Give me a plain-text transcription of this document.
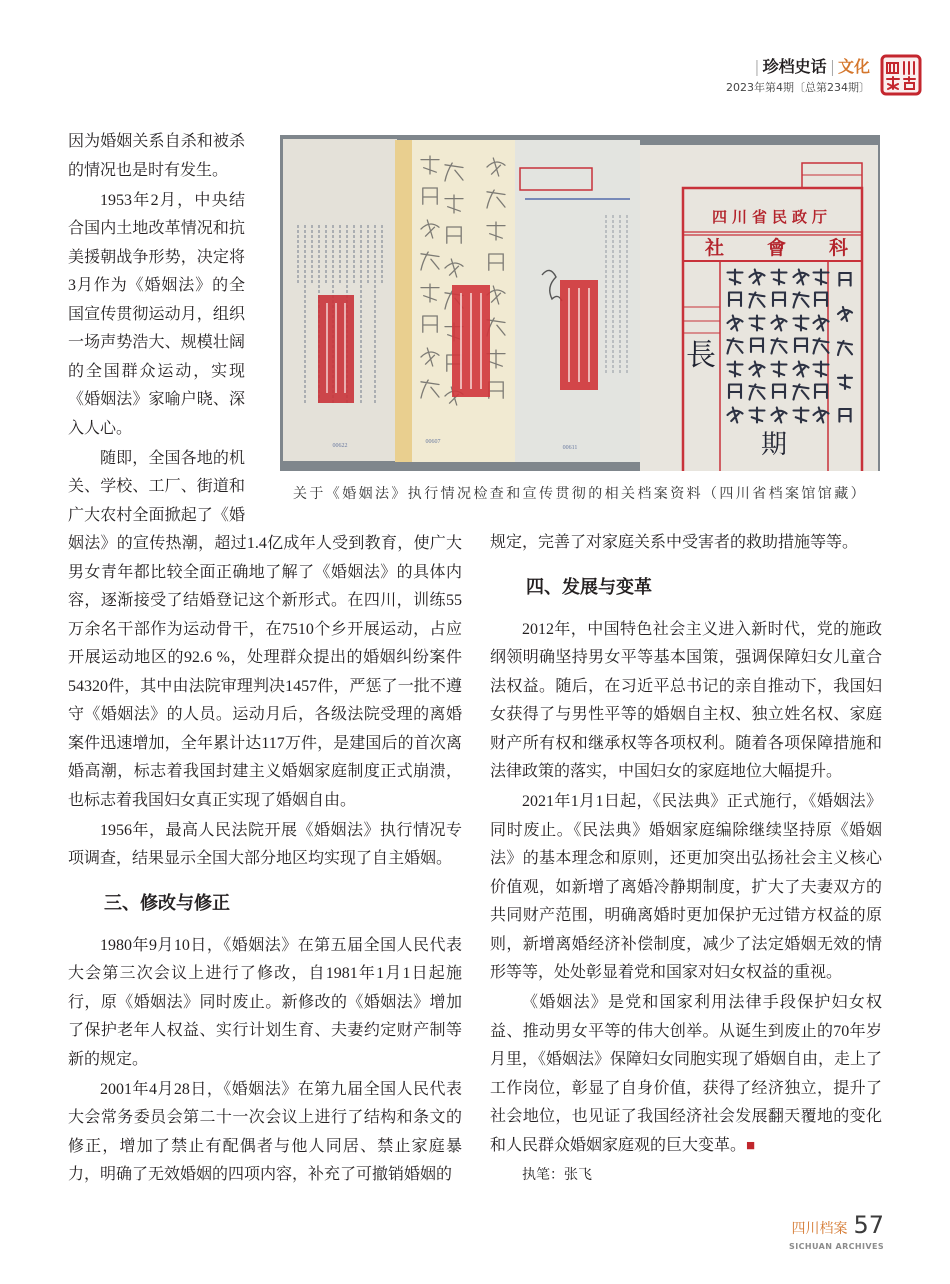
| 珍档史话 | 文化
2023年第4期〔总第234期〕
00622
00607
00611
四川省民政厅
社會科
長
期
关于《婚姻法》执行情况检查和宣传贯彻的相关档案资料（四川省档案馆馆藏）

因为婚姻关系自杀和被杀的情况也是时有发生。

1953年2月，中央结合国内土地改革情况和抗美援朝战争形势，决定将3月作为《婚姻法》的全国宣传贯彻运动月，组织一场声势浩大、规模壮阔的全国群众运动，实现《婚姻法》家喻户晓、深入人心。

随即，全国各地的机关、学校、工厂、街道和广大农村全面掀起了《婚姻法》的宣传热潮，超过1.4亿成年人受到教育，使广大男女青年都比较全面正确地了解了《婚姻法》的具体内容，逐渐接受了结婚登记这个新形式。在四川，训练55万余名干部作为运动骨干，在7510个乡开展运动，占应开展运动地区的92.6 %，处理群众提出的婚姻纠纷案件54320件，其中由法院审理判决1457件，严惩了一批不遵守《婚姻法》的人员。运动月后，各级法院受理的离婚案件迅速增加，全年累计达117万件，是建国后的首次离婚高潮，标志着我国封建主义婚姻家庭制度正式崩溃，也标志着我国妇女真正实现了婚姻自由。

1956年，最高人民法院开展《婚姻法》执行情况专项调查，结果显示全国大部分地区均实现了自主婚姻。

三、修改与修正

1980年9月10日，《婚姻法》在第五届全国人民代表大会第三次会议上进行了修改，自1981年1月1日起施行，原《婚姻法》同时废止。新修改的《婚姻法》增加了保护老年人权益、实行计划生育、夫妻约定财产制等新的规定。

2001年4月28日，《婚姻法》在第九届全国人民代表大会常务委员会第二十一次会议上进行了结构和条文的修正，增加了禁止有配偶者与他人同居、禁止家庭暴力，明确了无效婚姻的四项内容，补充了可撤销婚姻的

规定，完善了对家庭关系中受害者的救助措施等等。

四、发展与变革

2012年，中国特色社会主义进入新时代，党的施政纲领明确坚持男女平等基本国策，强调保障妇女儿童合法权益。随后，在习近平总书记的亲自推动下，我国妇女获得了与男性平等的婚姻自主权、独立姓名权、家庭财产所有权和继承权等各项权利。随着各项保障措施和法律政策的落实，中国妇女的家庭地位大幅提升。

2021年1月1日起，《民法典》正式施行，《婚姻法》同时废止。《民法典》婚姻家庭编除继续坚持原《婚姻法》的基本理念和原则，还更加突出弘扬社会主义核心价值观，如新增了离婚冷静期制度，扩大了夫妻双方的共同财产范围，明确离婚时更加保护无过错方权益的原则，新增离婚经济补偿制度，减少了法定婚姻无效的情形等等，处处彰显着党和国家对妇女权益的重视。

《婚姻法》是党和国家利用法律手段保护妇女权益、推动男女平等的伟大创举。从诞生到废止的70年岁月里，《婚姻法》保障妇女同胞实现了婚姻自由，走上了工作岗位，彰显了自身价值，获得了经济独立，提升了社会地位，也见证了我国经济社会发展翻天覆地的变化和人民群众婚姻家庭观的巨大变革。■

执笔：张飞
四川档案 57
SICHUAN ARCHIVES
